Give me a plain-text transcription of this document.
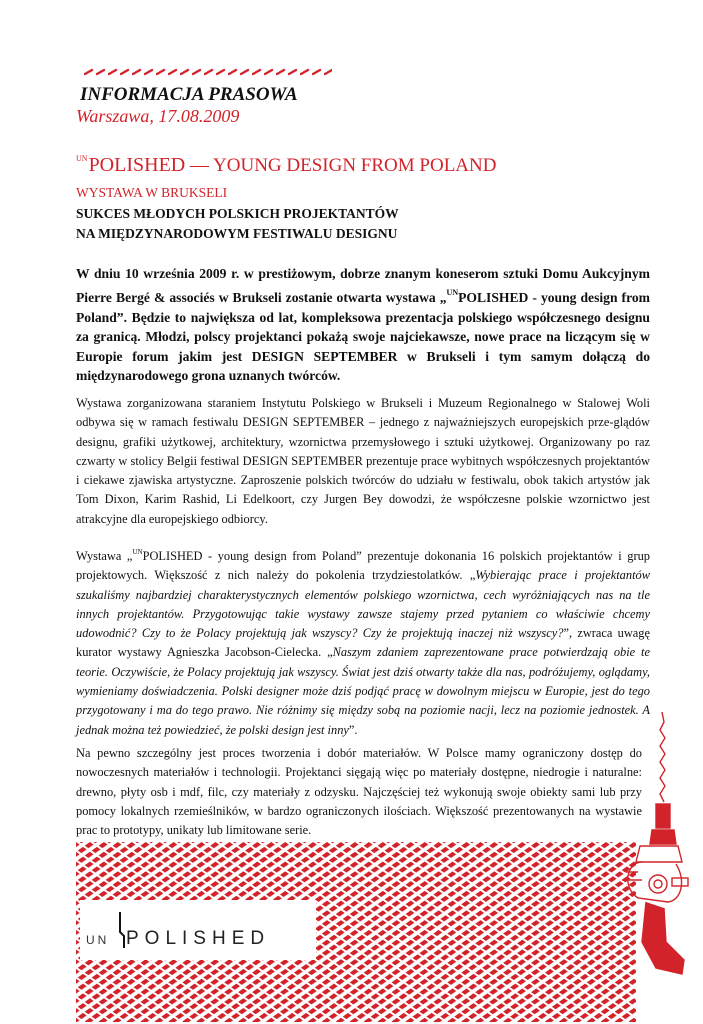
INFORMACJA PRASOWA
Warszawa, 17.08.2009
$^{UN}$POLISHED — YOUNG DESIGN FROM POLAND
WYSTAWA W BRUKSELI
SUKCES MŁODYCH POLSKICH PROJEKTANTÓW
NA MIĘDZYNARODOWYM FESTIWALU DESIGNU
W dniu 10 września 2009 r. w prestiżowym, dobrze znanym koneserom sztuki Domu Aukcyjnym Pierre Bergé & associés w Brukseli zostanie otwarta wystawa „$^{UN}$POLISHED - young design from Poland”. Będzie to największa od lat, kompleksowa prezentacja polskiego współczesnego designu za granicą. Młodzi, polscy projektanci pokażą swoje najciekawsze, nowe prace na liczącym się w Europie forum jakim jest DESIGN SEPTEMBER w Brukseli i tym samym dołączą do międzynarodowego grona uznanych twórców.
Wystawa zorganizowana staraniem Instytutu Polskiego w Brukseli i Muzeum Regionalnego w Stalowej Woli odbywa się w ramach festiwalu DESIGN SEPTEMBER – jednego z najważniejszych europejskich prze-glądów designu, grafiki użytkowej, architektury, wzornictwa przemysłowego i sztuki użytkowej. Organizowany po raz czwarty w stolicy Belgii festiwal DESIGN SEPTEMBER prezentuje prace wybitnych współczesnych projektantów i ciekawe zjawiska artystyczne. Zaproszenie polskich twórców do udziału w festiwalu, obok takich artystów jak Tom Dixon, Karim Rashid, Li Edelkoort, czy Jurgen Bey dowodzi, że współczesne polskie wzornictwo jest atrakcyjne dla europejskiego odbiorcy.
Wystawa „$^{UN}$POLISHED - young design from Poland” prezentuje dokonania 16 polskich projektantów i grup projektowych. Większość z nich należy do pokolenia trzydziestolatków. „Wybierając prace i projektantów szukaliśmy najbardziej charakterystycznych elementów polskiego wzornictwa, cech wyróżniających nas na tle innych projektantów. Przygotowując takie wystawy zawsze stajemy przed pytaniem co właściwie chcemy udowodnić? Czy to że Polacy projektują jak wszyscy? Czy że projektują inaczej niż wszyscy?”, zwraca uwagę kurator wystawy Agnieszka Jacobson-Cielecka. „Naszym zdaniem zaprezentowane prace potwierdzają obie te teorie. Oczywiście, że Polacy projektują jak wszyscy. Świat jest dziś otwarty także dla nas, podróżujemy, oglądamy, wymieniamy doświadczenia. Polski designer może dziś podjąć pracę w dowolnym miejscu w Europie, jest do tego przygotowany i ma do tego prawo. Nie różnimy się między sobą na poziomie nacji, lecz na poziomie jednostek. A jednak można też powiedzieć, że polski design jest inny”.
Na pewno szczególny jest proces tworzenia i dobór materiałów. W Polsce mamy ograniczony dostęp do nowoczesnych materiałów i technologii. Projektanci sięgają więc po materiały dostępne, niedrogie i naturalne: drewno, płyty osb i mdf, filc, czy materiały z odzysku. Najczęściej też wykonują swoje obiekty sami lub przy pomocy lokalnych rzemieślników, w bardzo ograniczonych ilościach. Większość prezentowanych na wystawie prac to prototypy, unikaty lub limitowane serie.
UN POLISHED
